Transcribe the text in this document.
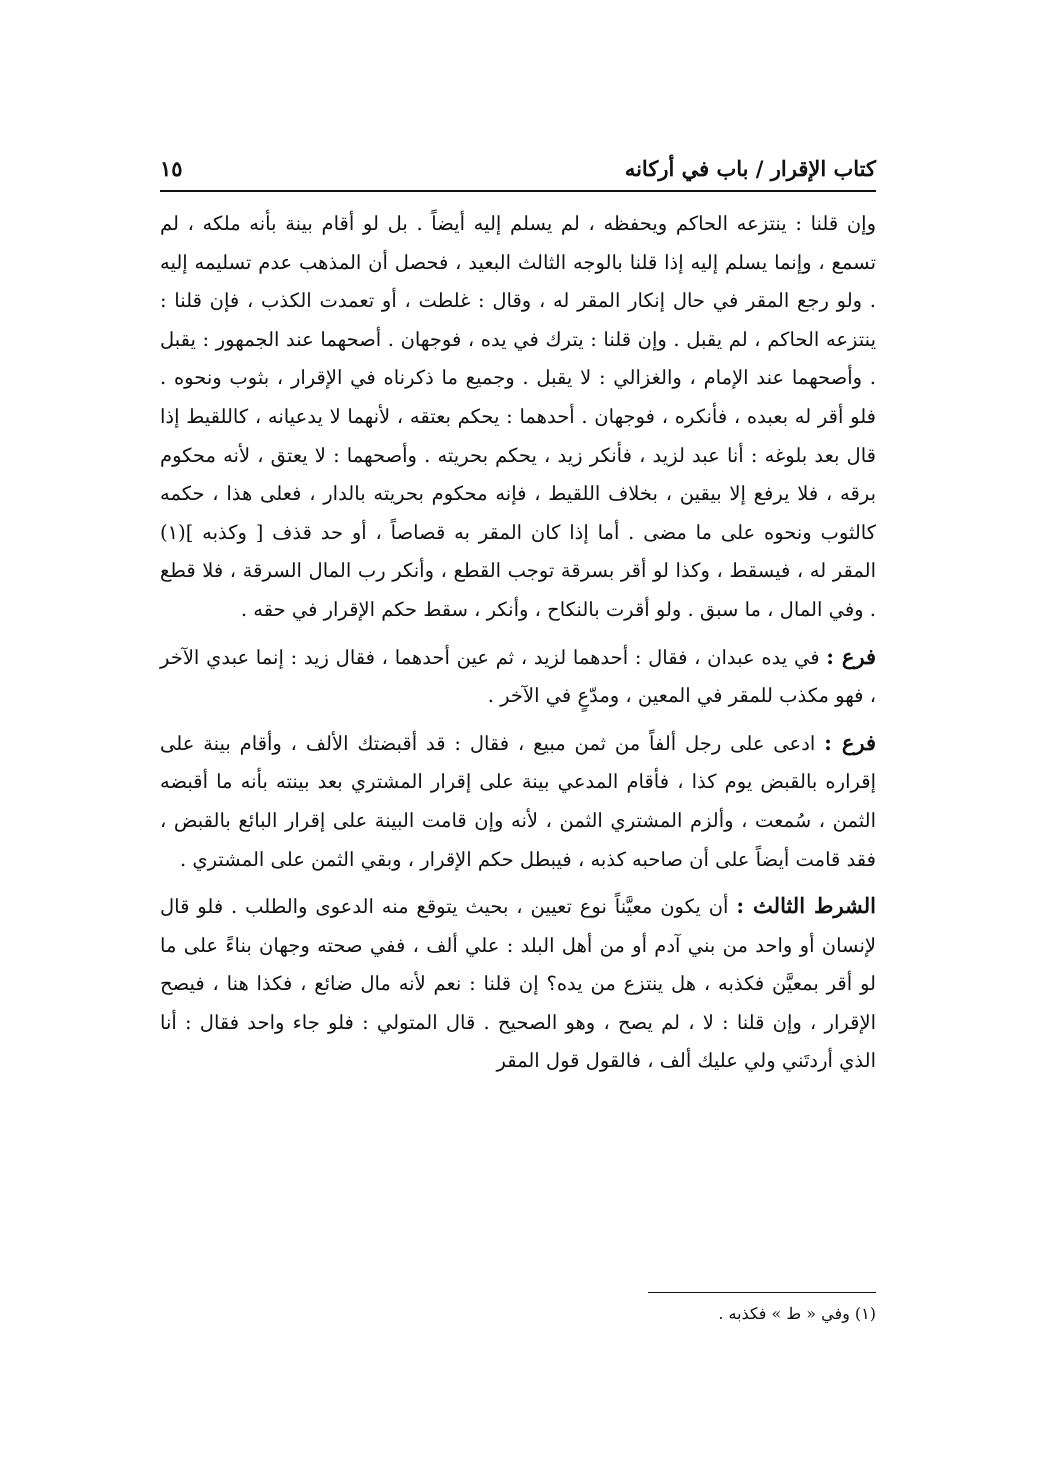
كتاب الإقرار / باب في أركانه
١٥

وإن قلنا : ينتزعه الحاكم ويحفظه ، لم يسلم إليه أيضاً . بل لو أقام بينة بأنه ملكه ، لم تسمع ، وإنما يسلم إليه إذا قلنا بالوجه الثالث البعيد ، فحصل أن المذهب عدم تسليمه إليه . ولو رجع المقر في حال إنكار المقر له ، وقال : غلطت ، أو تعمدت الكذب ، فإن قلنا : ينتزعه الحاكم ، لم يقبل . وإن قلنا : يترك في يده ، فوجهان . أصحهما عند الجمهور : يقبل . وأصحهما عند الإمام ، والغزالي : لا يقبل . وجميع ما ذكرناه في الإقرار ، بثوب ونحوه . فلو أقر له بعبده ، فأنكره ، فوجهان . أحدهما : يحكم بعتقه ، لأنهما لا يدعيانه ، كاللقيط إذا قال بعد بلوغه : أنا عبد لزيد ، فأنكر زيد ، يحكم بحريته . وأصحهما : لا يعتق ، لأنه محكوم برقه ، فلا يرفع إلا بيقين ، بخلاف اللقيط ، فإنه محكوم بحريته بالدار ، فعلى هذا ، حكمه كالثوب ونحوه على ما مضى . أما إذا كان المقر به قصاصاً ، أو حد قذف [ وكذبه ](١) المقر له ، فيسقط ، وكذا لو أقر بسرقة توجب القطع ، وأنكر رب المال السرقة ، فلا قطع . وفي المال ، ما سبق . ولو أقرت بالنكاح ، وأنكر ، سقط حكم الإقرار في حقه .

فرع : في يده عبدان ، فقال : أحدهما لزيد ، ثم عين أحدهما ، فقال زيد : إنما عبدي الآخر ، فهو مكذب للمقر في المعين ، ومدّعٍ في الآخر .

فرع : ادعى على رجل ألفاً من ثمن مبيع ، فقال : قد أقبضتك الألف ، وأقام بينة على إقراره بالقبض يوم كذا ، فأقام المدعي بينة على إقرار المشتري بعد بينته بأنه ما أقبضه الثمن ، سُمعت ، وألزم المشتري الثمن ، لأنه وإن قامت البينة على إقرار البائع بالقبض ، فقد قامت أيضاً على أن صاحبه كذبه ، فيبطل حكم الإقرار ، وبقي الثمن على المشتري .

الشرط الثالث : أن يكون معيَّناً نوع تعيين ، بحيث يتوقع منه الدعوى والطلب . فلو قال لإنسان أو واحد من بني آدم أو من أهل البلد : علي ألف ، ففي صحته وجهان بناءً على ما لو أقر بمعيَّن فكذبه ، هل ينتزع من يده؟ إن قلنا : نعم لأنه مال ضائع ، فكذا هنا ، فيصح الإقرار ، وإن قلنا : لا ، لم يصح ، وهو الصحيح . قال المتولي : فلو جاء واحد فقال : أنا الذي أردتَني ولي عليك ألف ، فالقول قول المقر

(١) وفي « ط » فكذبه .
